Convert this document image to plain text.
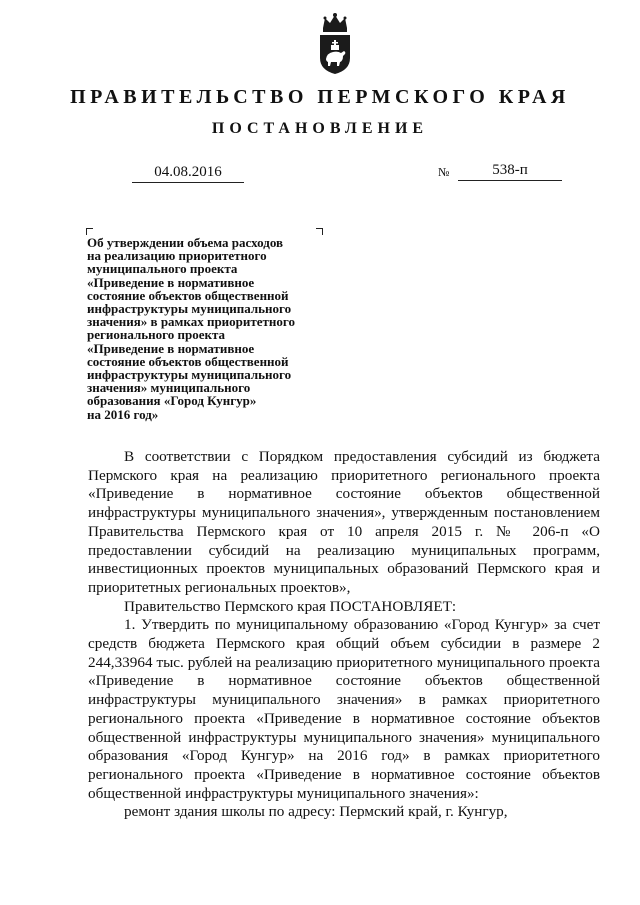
ПРАВИТЕЛЬСТВО ПЕРМСКОГО КРАЯ
ПОСТАНОВЛЕНИЕ
04.08.2016	№	538-п
Об утверждении объема расходов
на реализацию приоритетного
муниципального проекта
«Приведение в нормативное
состояние объектов общественной
инфраструктуры муниципального
значения» в рамках приоритетного
регионального проекта
«Приведение в нормативное
состояние объектов общественной
инфраструктуры муниципального
значения» муниципального
образования «Город Кунгур»
на 2016 год»

В соответствии с Порядком предоставления субсидий из бюджета Пермского края на реализацию приоритетного регионального проекта «Приведение в нормативное состояние объектов общественной инфраструктуры муниципального значения», утвержденным постановлением Правительства Пермского края от 10 апреля 2015 г. № 206-п «О предоставлении субсидий на реализацию муниципальных программ, инвестиционных проектов муниципальных образований Пермского края и приоритетных региональных проектов»,

Правительство Пермского края ПОСТАНОВЛЯЕТ:

1. Утвердить по муниципальному образованию «Город Кунгур» за счет средств бюджета Пермского края общий объем субсидии в размере 2 244,33964 тыс. рублей на реализацию приоритетного муниципального проекта «Приведение в нормативное состояние объектов общественной инфраструктуры муниципального значения» в рамках приоритетного регионального проекта «Приведение в нормативное состояние объектов общественной инфраструктуры муниципального значения» муниципального образования «Город Кунгур» на 2016 год» в рамках приоритетного регионального проекта «Приведение в нормативное состояние объектов общественной инфраструктуры муниципального значения»:

ремонт здания школы по адресу: Пермский край, г. Кунгур,
